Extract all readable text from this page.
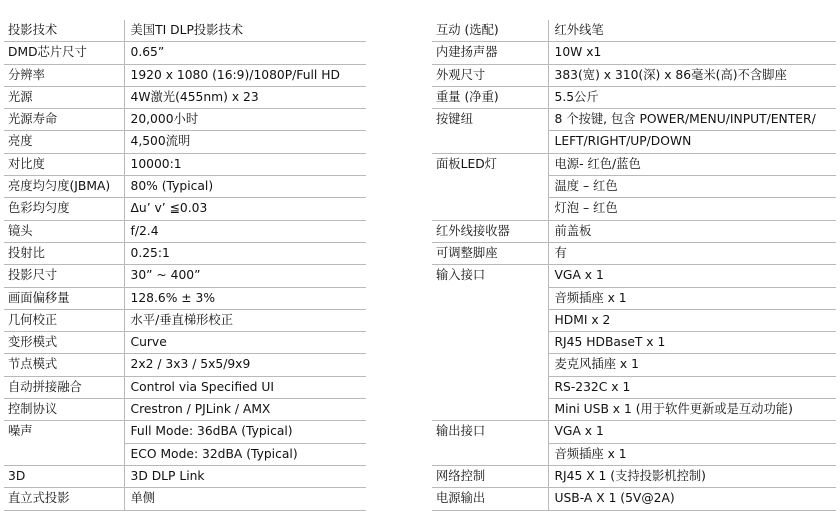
投影技术	美国TI DLP投影技术
DMD芯片尺寸	0.65”
分辨率	1920 x 1080 (16:9)/1080P/Full HD
光源	4W激光(455nm) x 23
光源寿命	20,000小时
亮度	4,500流明
对比度	10000:1
亮度均匀度(JBMA)	80% (Typical)
色彩均匀度	Δu’ v’ ≦0.03
镜头	f/2.4
投射比	0.25:1
投影尺寸	30” ~ 400”
画面偏移量	128.6% ± 3%
几何校正	水平/垂直梯形校正
变形模式	Curve
节点模式	2x2 / 3x3 / 5x5/9x9
自动拼接融合	Control via Specified UI
控制协议	Crestron / PJLink / AMX
噪声	Full Mode: 36dBA (Typical)
	ECO Mode: 32dBA (Typical)
3D	3D DLP Link
直立式投影	单侧
互动 (选配)	红外线笔
内建扬声器	10W x1
外观尺寸	383(宽) x 310(深) x 86毫米(高)不含脚座
重量 (净重)	5.5公斤
按键纽	8 个按键, 包含 POWER/MENU/INPUT/ENTER/
	LEFT/RIGHT/UP/DOWN
面板LED灯	电源- 红色/蓝色
	温度 – 红色
	灯泡 – 红色
红外线接收器	前盖板
可调整脚座	有
输入接口	VGA x 1
	音频插座 x 1
	HDMI x 2
	RJ45 HDBaseT x 1
	麦克风插座 x 1
	RS-232C x 1
	Mini USB x 1 (用于软件更新或是互动功能)
输出接口	VGA x 1
	音频插座 x 1
网络控制	RJ45 X 1 (支持投影机控制)
电源输出	USB-A X 1 (5V@2A)
